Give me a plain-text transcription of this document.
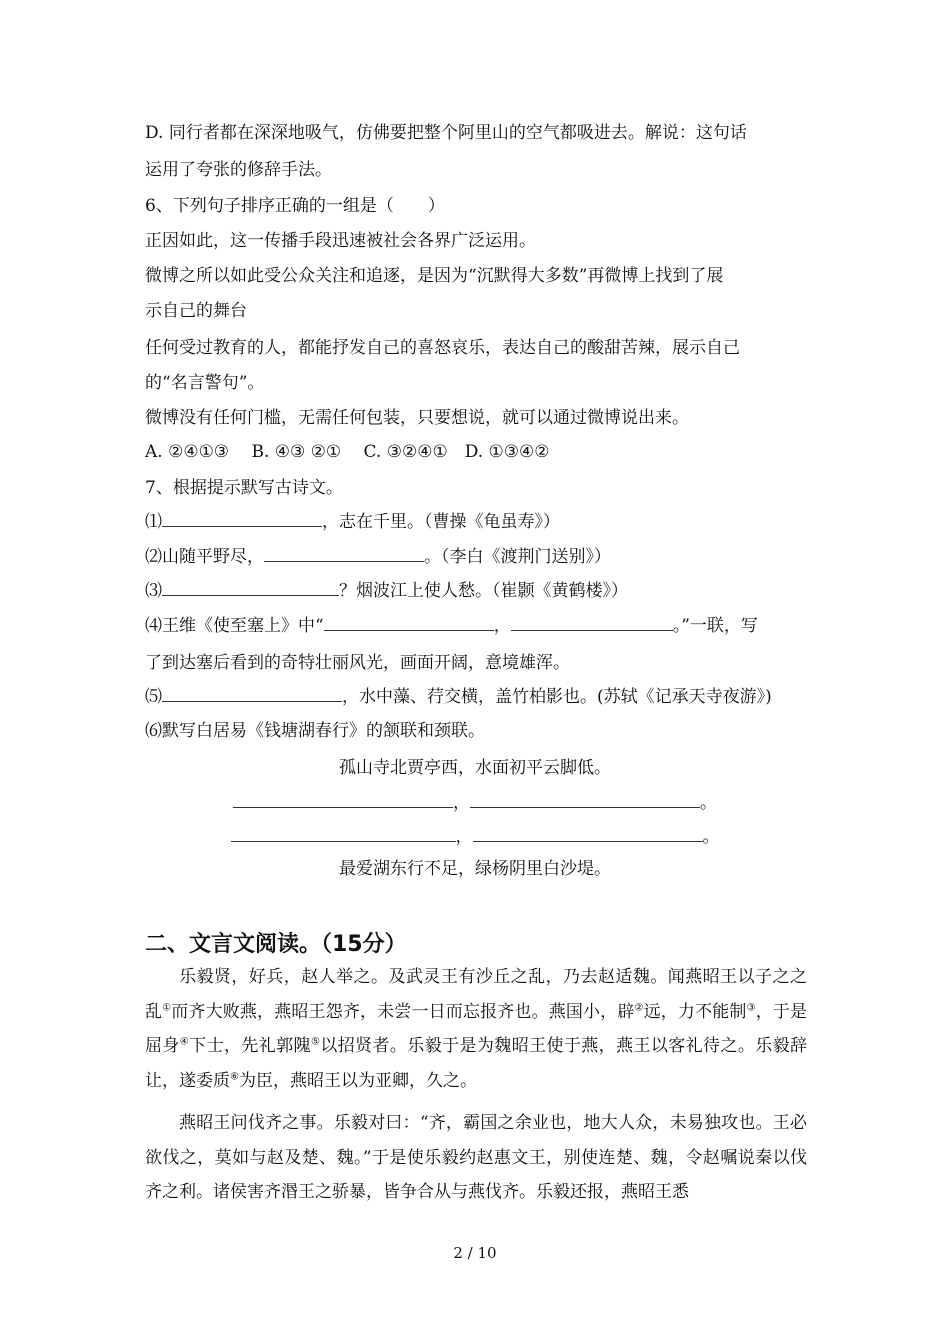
D. 同行者都在深深地吸气，仿佛要把整个阿里山的空气都吸进去。解说：这句话
运用了夸张的修辞手法。
6、下列句子排序正确的一组是（　　）
正因如此，这一传播手段迅速被社会各界广泛运用。
微博之所以如此受公众关注和追逐，是因为“沉默得大多数”再微博上找到了展
示自己的舞台
任何受过教育的人，都能抒发自己的喜怒哀乐，表达自己的酸甜苦辣，展示自己
的“名言警句”。
微博没有任何门槛，无需任何包装，只要想说，就可以通过微博说出来。
A. ②④①③　 B. ④③ ②①　 C. ③②④①　D. ①③④②
7、根据提示默写古诗文。
⑴	，志在千里。（曹操《龟虽寿》）
⑵山随平野尽，	。（李白《渡荆门送别》）
⑶	？烟波江上使人愁。（崔颢《黄鹤楼》）
⑷王维《使至塞上》中“	，	。”一联，写
了到达塞后看到的奇特壮丽风光，画面开阔，意境雄浑。
⑸	，水中藻、荇交横，盖竹柏影也。(苏轼《记承天寺夜游》)
⑹默写白居易《钱塘湖春行》的颔联和颈联。
孤山寺北贾亭西，水面初平云脚低。
，	。
，	。
最爱湖东行不足，绿杨阴里白沙堤。
二、文言文阅读。（15分）
乐毅贤，好兵，赵人举之。及武灵王有沙丘之乱，乃去赵适魏。闻燕昭王以子之之乱①而齐大败燕，燕昭王怨齐，未尝一日而忘报齐也。燕国小，辟②远，力不能制③，于是屈身④下士，先礼郭隗⑤以招贤者。乐毅于是为魏昭王使于燕，燕王以客礼待之。乐毅辞让，遂委质⑥为臣，燕昭王以为亚卿，久之。
燕昭王问伐齐之事。乐毅对曰：“齐，霸国之余业也，地大人众，未易独攻也。王必欲伐之，莫如与赵及楚、魏。”于是使乐毅约赵惠文王，别使连楚、魏，令赵嘱说秦以伐齐之利。诸侯害齐湣王之骄暴，皆争合从与燕伐齐。乐毅还报，燕昭王悉
2 / 10
